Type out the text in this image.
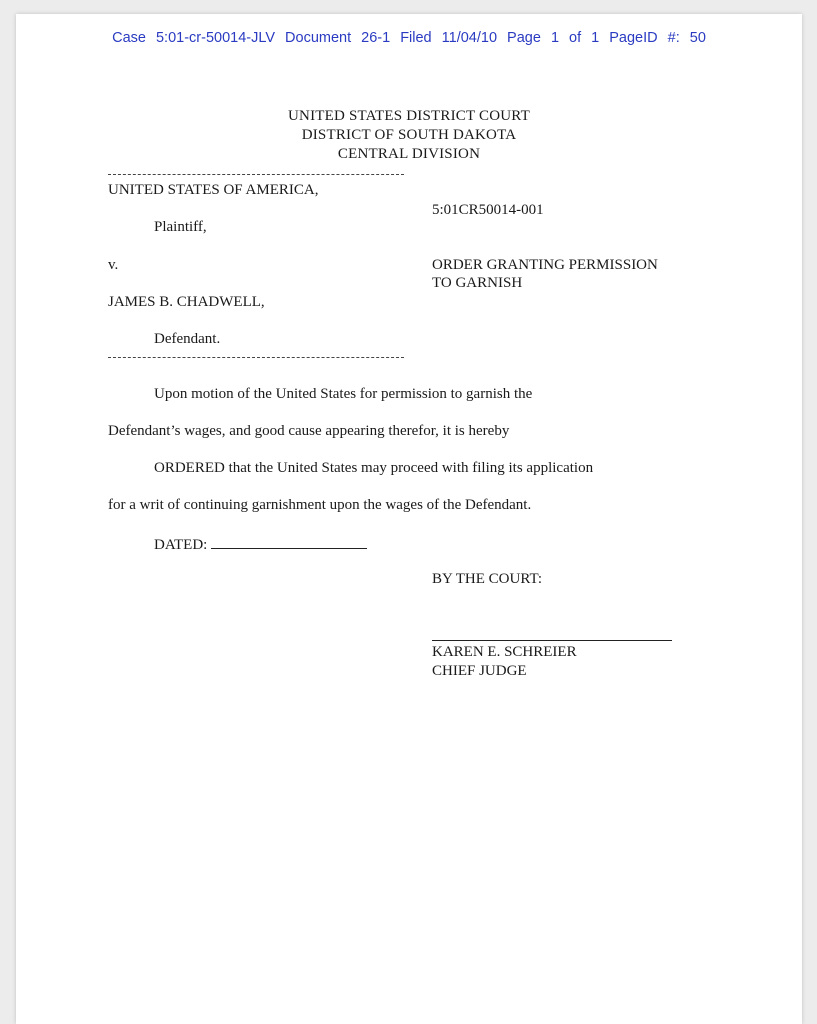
Case 5:01-cr-50014-JLV Document 26-1 Filed 11/04/10 Page 1 of 1 PageID #: 50
UNITED STATES DISTRICT COURT
DISTRICT OF SOUTH DAKOTA
CENTRAL DIVISION
UNITED STATES OF AMERICA,
5:01CR50014-001
Plaintiff,
v.	ORDER GRANTING PERMISSION
TO GARNISH
JAMES B. CHADWELL,
Defendant.
Upon motion of the United States for permission to garnish the
Defendant’s wages, and good cause appearing therefor, it is hereby
ORDERED that the United States may proceed with filing its application
for a writ of continuing garnishment upon the wages of the Defendant.
DATED:
BY THE COURT:
KAREN E. SCHREIER
CHIEF JUDGE
